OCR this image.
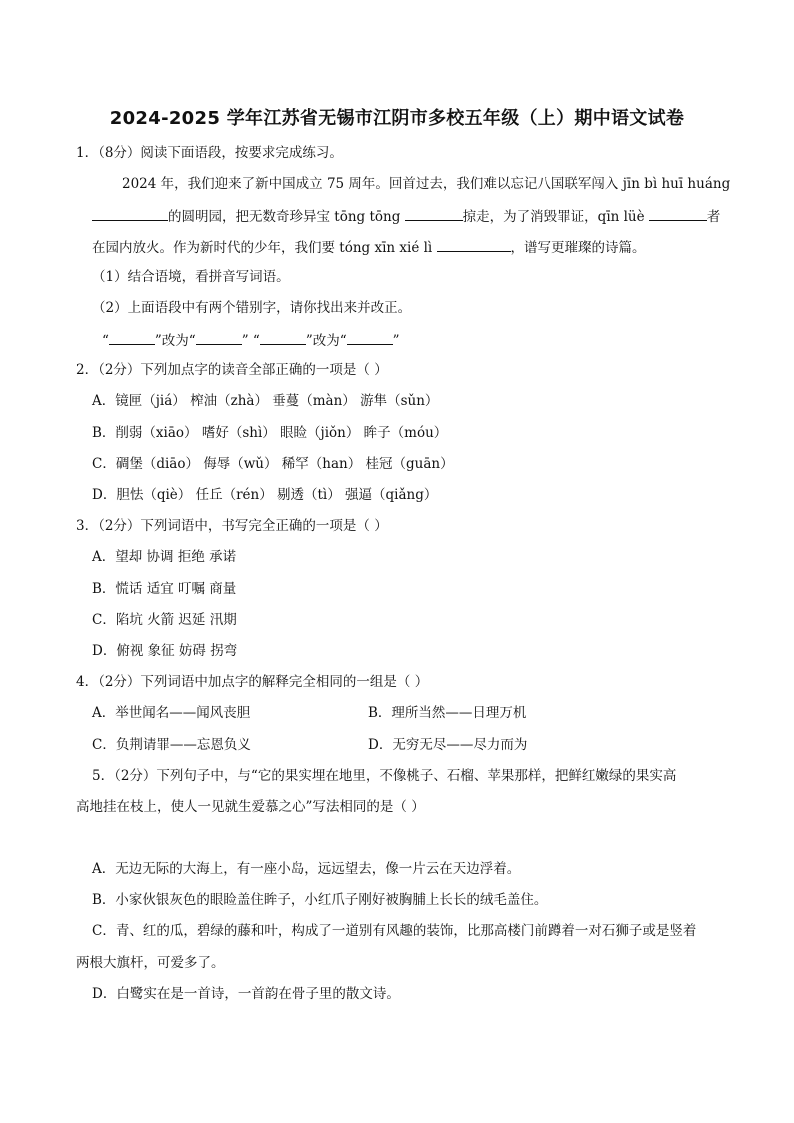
2024-2025 学年江苏省无锡市江阴市多校五年级（上）期中语文试卷
1．（8分）阅读下面语段，按要求完成练习。
2024 年，我们迎来了新中国成立 75 周年。回首过去，我们难以忘记八国联军闯入 jīn bì huī huáng
的圆明园，把无数奇珍异宝 tōng tōng	掠走，为了消毁罪证，qīn lüè	者
在园内放火。作为新时代的少年，我们要 tóng xīn xié lì	，谱写更璀璨的诗篇。
（1）结合语境，看拼音写词语。
（2）上面语段中有两个错别字，请你找出来并改正。
“	”改为“	” “	”改为“	”
2．（2分）下列加点字的读音全部正确的一项是（ ）
A．镜匣（jiá） 榨油（zhà） 垂蔓（màn） 游隼（sǔn）
B．削弱（xiāo） 嗜好（shì） 眼睑（jiǒn） 眸子（móu）
C．碉堡（diāo） 侮辱（wǔ） 稀罕（han） 桂冠（guān）
D．胆怯（qiè） 任丘（rén） 剔透（tì） 强逼（qiǎng）
3．（2分）下列词语中，书写完全正确的一项是（ ）
A．望却 协调 拒绝 承诺
B．慌话 适宜 叮嘱 商量
C．陷坑 火箭 迟延 汛期
D．俯视 象征 妨碍 拐弯
4．（2分）下列词语中加点字的解释完全相同的一组是（ ）
A．举世闻名——闻风丧胆	B．理所当然——日理万机
C．负荆请罪——忘恩负义	D．无穷无尽——尽力而为
5．（2分）下列句子中，与“它的果实埋在地里，不像桃子、石榴、苹果那样，把鲜红嫩绿的果实高
高地挂在枝上，使人一见就生爱慕之心”写法相同的是（ ）
A．无边无际的大海上，有一座小岛，远远望去，像一片云在天边浮着。
B．小家伙银灰色的眼睑盖住眸子，小红爪子刚好被胸脯上长长的绒毛盖住。
C．青、红的瓜，碧绿的藤和叶，构成了一道别有风趣的装饰，比那高楼门前蹲着一对石狮子或是竖着
两根大旗杆，可爱多了。
D．白鹭实在是一首诗，一首韵在骨子里的散文诗。
